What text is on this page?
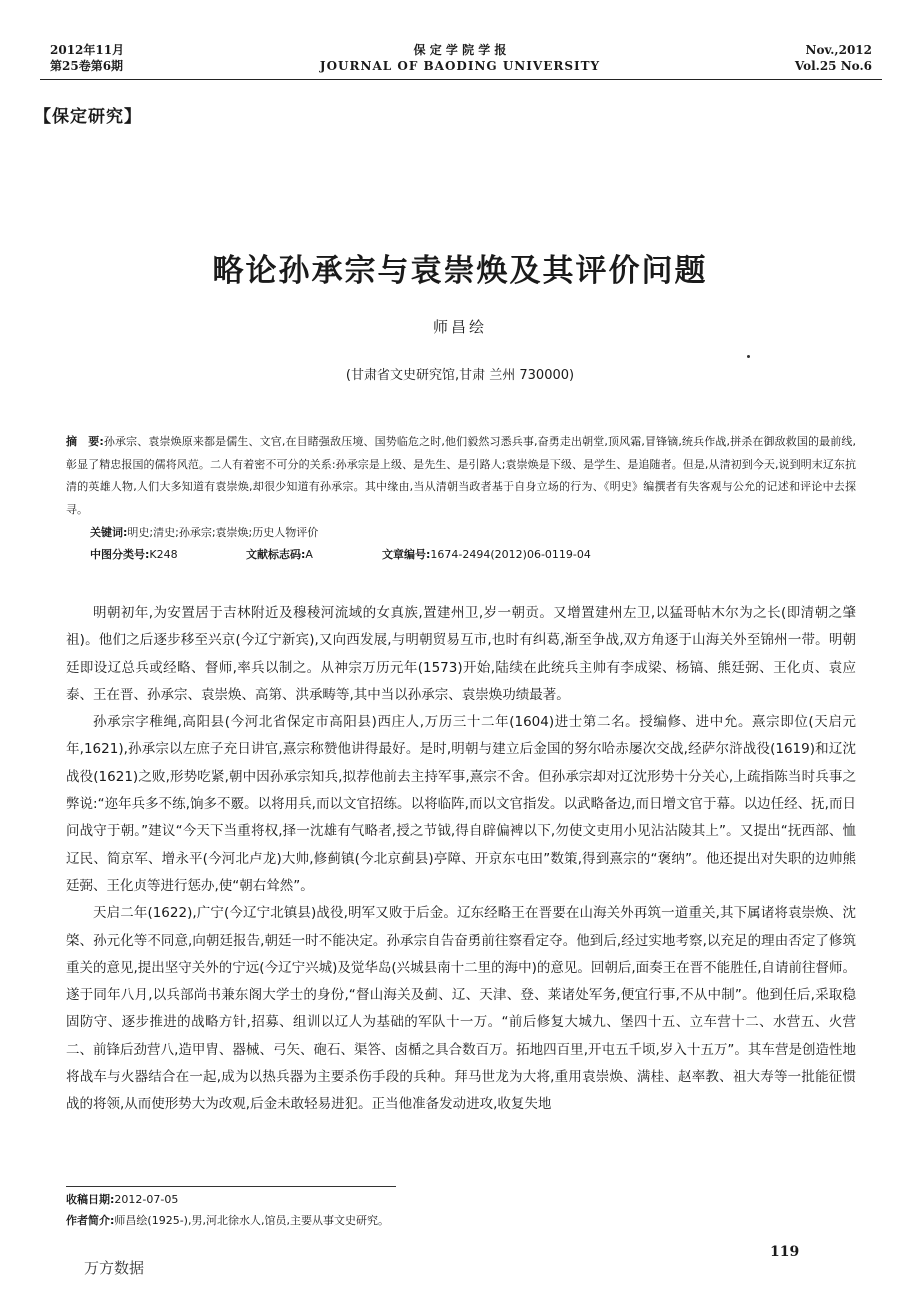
2012年11月
第25卷第6期
保 定 学 院 学 报
JOURNAL OF BAODING UNIVERSITY
Nov.,2012
Vol.25 No.6
【保定研究】
略论孙承宗与袁崇焕及其评价问题
师昌绘
(甘肃省文史研究馆,甘肃 兰州 730000)
摘　要:孙承宗、袁崇焕原来都是儒生、文官,在目睹强敌压境、国势临危之时,他们毅然习悉兵事,奋勇走出朝堂,顶风霜,冒锋镝,统兵作战,拼杀在御敌救国的最前线,彰显了精忠报国的儒将风范。二人有着密不可分的关系:孙承宗是上级、是先生、是引路人;袁崇焕是下级、是学生、是追随者。但是,从清初到今天,说到明末辽东抗清的英雄人物,人们大多知道有袁崇焕,却很少知道有孙承宗。其中缘由,当从清朝当政者基于自身立场的行为、《明史》编撰者有失客观与公允的记述和评论中去探寻。
关键词:明史;清史;孙承宗;袁崇焕;历史人物评价
中图分类号:K248	文献标志码:A	文章编号:1674-2494(2012)06-0119-04

明朝初年,为安置居于吉林附近及穆稜河流域的女真族,置建州卫,岁一朝贡。又增置建州左卫,以猛哥帖木尔为之长(即清朝之肇祖)。他们之后逐步移至兴京(今辽宁新宾),又向西发展,与明朝贸易互市,也时有纠葛,渐至争战,双方角逐于山海关外至锦州一带。明朝廷即设辽总兵或经略、督师,率兵以制之。从神宗万历元年(1573)开始,陆续在此统兵主帅有李成梁、杨镐、熊廷弼、王化贞、袁应泰、王在晋、孙承宗、袁崇焕、高第、洪承畴等,其中当以孙承宗、袁崇焕功绩最著。

孙承宗字稚绳,高阳县(今河北省保定市高阳县)西庄人,万历三十二年(1604)进士第二名。授编修、进中允。熹宗即位(天启元年,1621),孙承宗以左庶子充日讲官,熹宗称赞他讲得最好。是时,明朝与建立后金国的努尔哈赤屡次交战,经萨尔浒战役(1619)和辽沈战役(1621)之败,形势吃紧,朝中因孙承宗知兵,拟荐他前去主持军事,熹宗不舍。但孙承宗却对辽沈形势十分关心,上疏指陈当时兵事之弊说:“迩年兵多不练,饷多不覈。以将用兵,而以文官招练。以将临阵,而以文官指发。以武略备边,而日增文官于幕。以边任经、抚,而日问战守于朝。”建议“今天下当重将权,择一沈雄有气略者,授之节钺,得自辟偏裨以下,勿使文吏用小见沾沾陵其上”。又提出“抚西部、恤辽民、简京军、增永平(今河北卢龙)大帅,修蓟镇(今北京蓟县)亭障、开京东屯田”数策,得到熹宗的“褒纳”。他还提出对失职的边帅熊廷弼、王化贞等进行惩办,使“朝右耸然”。

天启二年(1622),广宁(今辽宁北镇县)战役,明军又败于后金。辽东经略王在晋要在山海关外再筑一道重关,其下属诸将袁崇焕、沈棨、孙元化等不同意,向朝廷报告,朝廷一时不能决定。孙承宗自告奋勇前往察看定夺。他到后,经过实地考察,以充足的理由否定了修筑重关的意见,提出坚守关外的宁远(今辽宁兴城)及觉华岛(兴城县南十二里的海中)的意见。回朝后,面奏王在晋不能胜任,自请前往督师。遂于同年八月,以兵部尚书兼东阁大学士的身份,“督山海关及蓟、辽、天津、登、莱诸处军务,便宜行事,不从中制”。他到任后,采取稳固防守、逐步推进的战略方针,招募、组训以辽人为基础的军队十一万。“前后修复大城九、堡四十五、立车营十二、水营五、火营二、前锋后劲营八,造甲胄、器械、弓矢、砲石、渠答、卤楯之具合数百万。拓地四百里,开屯五千顷,岁入十五万”。其车营是创造性地将战车与火器结合在一起,成为以热兵器为主要杀伤手段的兵种。拜马世龙为大将,重用袁崇焕、满桂、赵率教、祖大寿等一批能征惯战的将领,从而使形势大为改观,后金未敢轻易进犯。正当他准备发动进攻,收复失地

收稿日期:2012-07-05
作者简介:师昌绘(1925-),男,河北徐水人,馆员,主要从事文史研究。
119
万方数据
